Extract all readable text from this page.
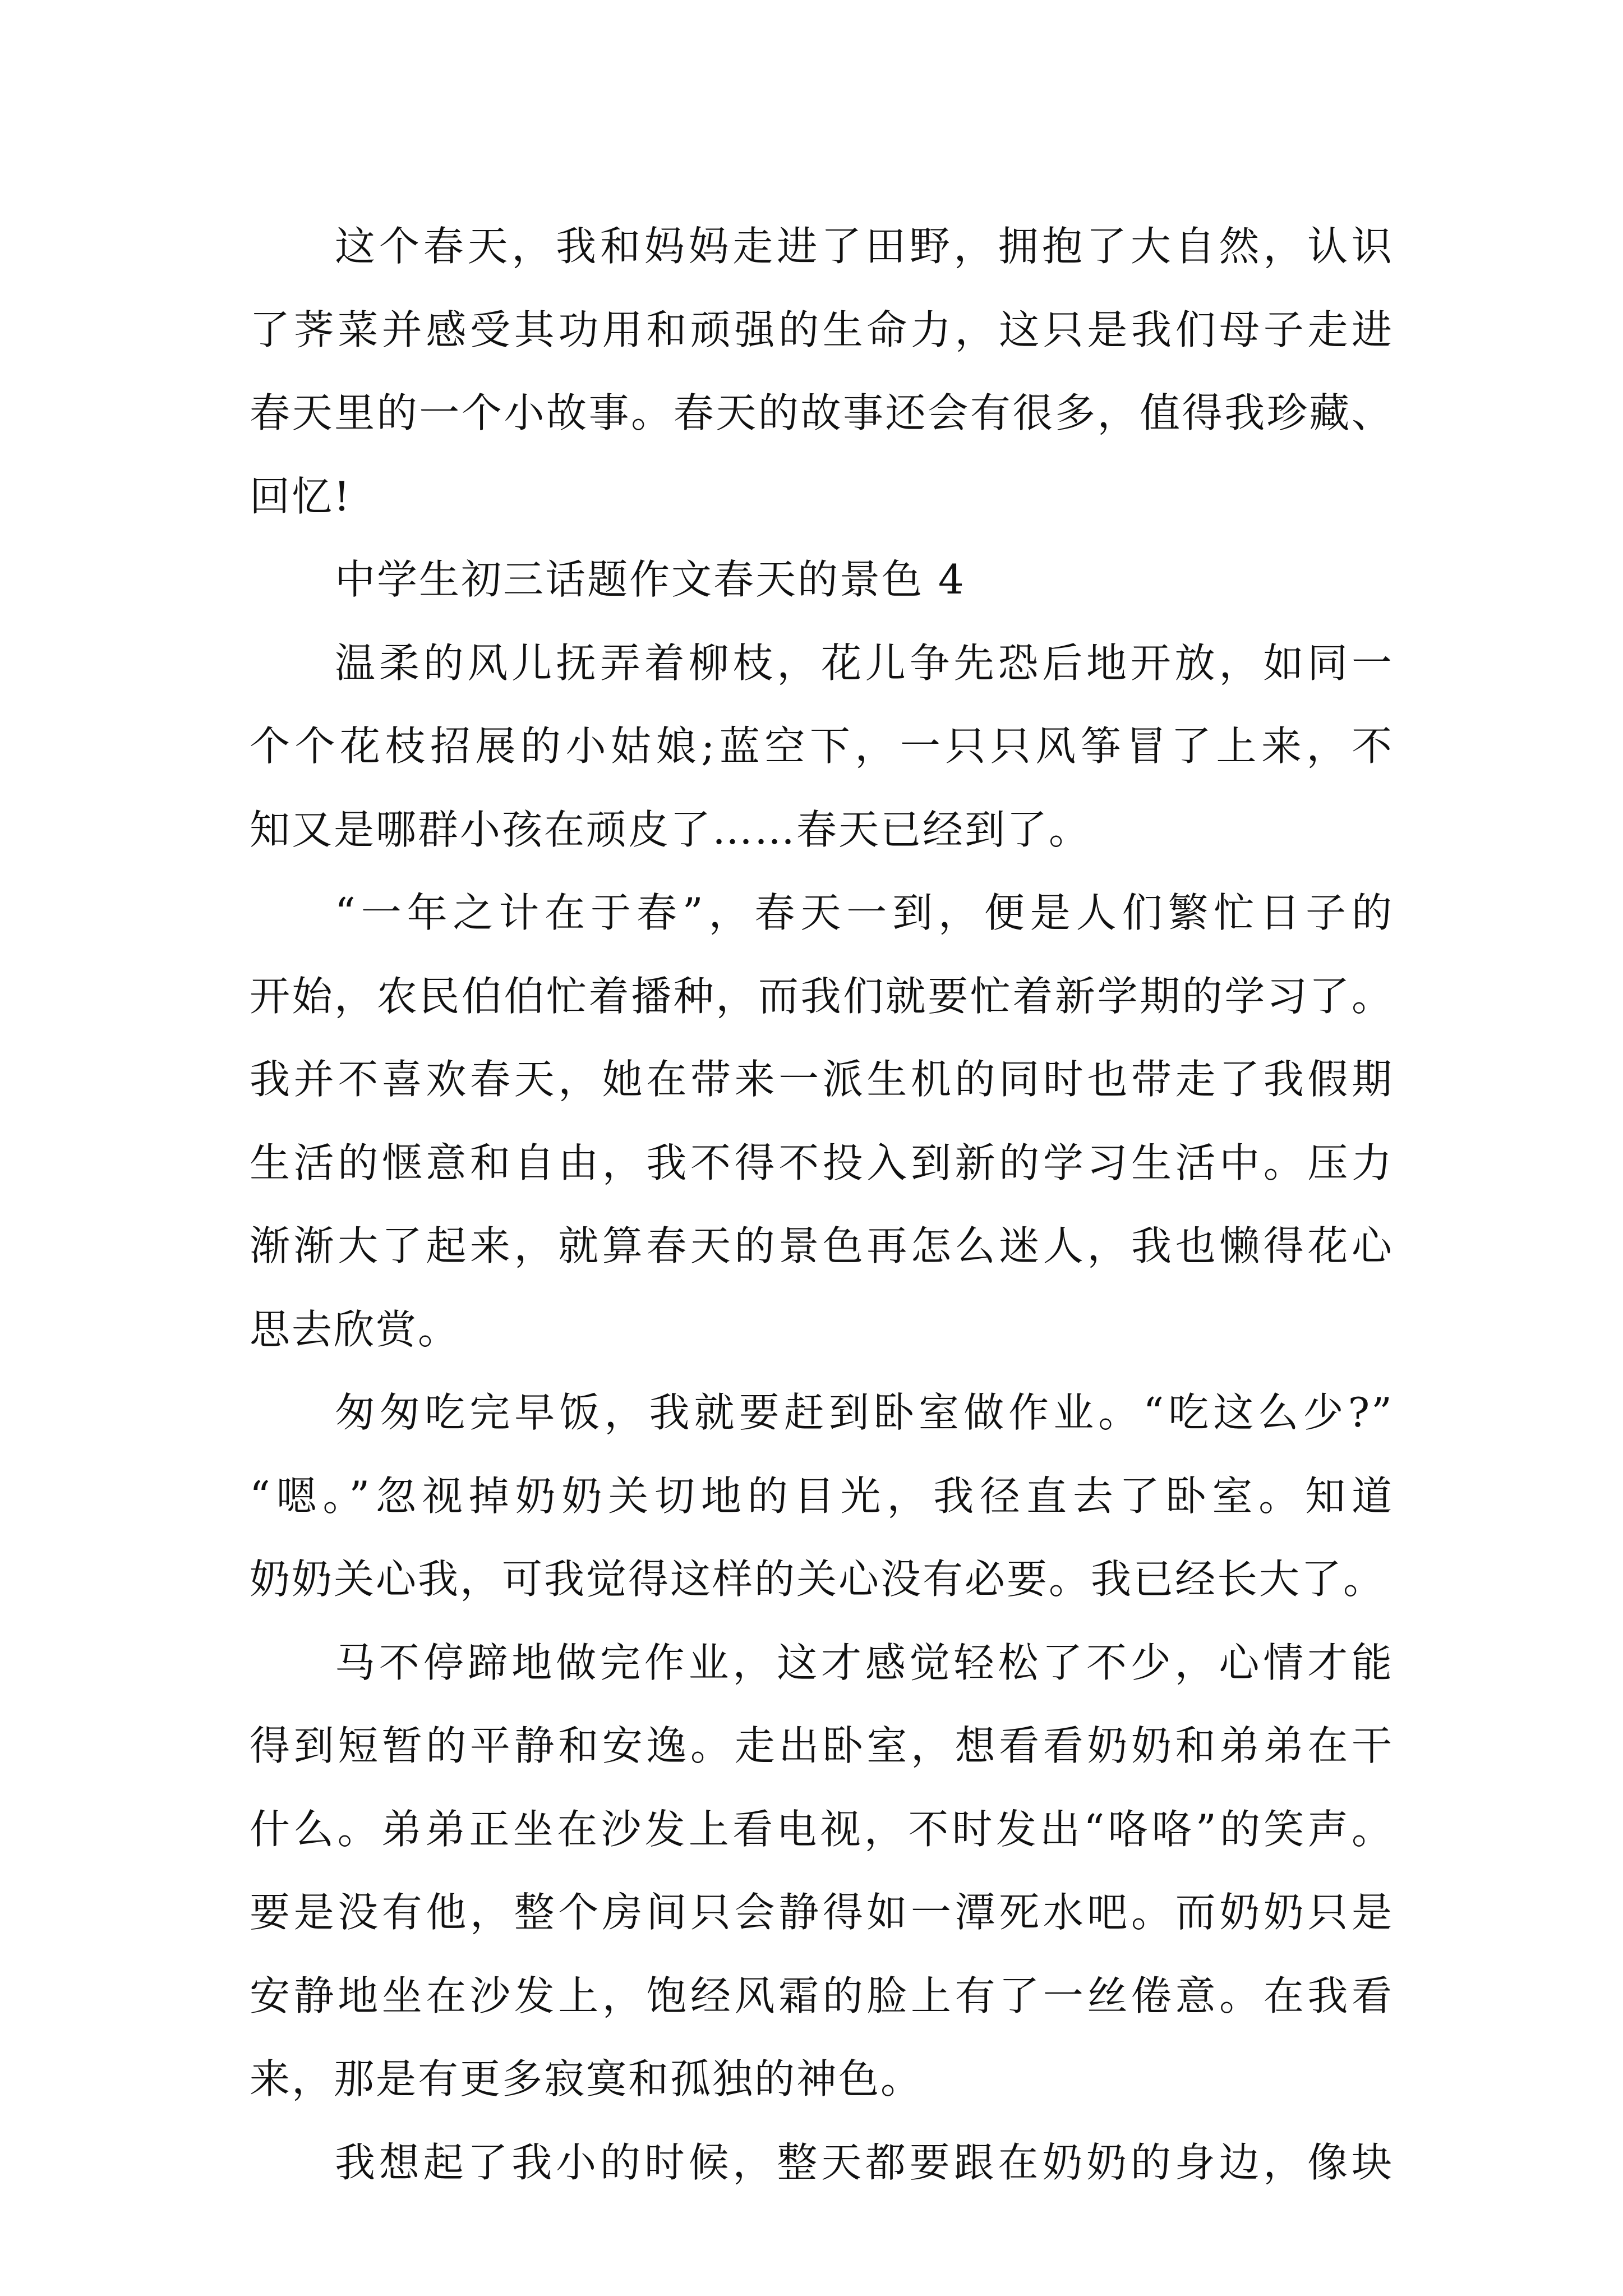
这个春天，我和妈妈走进了田野，拥抱了大自然，认识
了荠菜并感受其功用和顽强的生命力，这只是我们母子走进
春天里的一个小故事。春天的故事还会有很多，值得我珍藏、
回忆!

中学生初三话题作文春天的景色 4

温柔的风儿抚弄着柳枝，花儿争先恐后地开放，如同一
个个花枝招展的小姑娘;蓝空下，一只只风筝冒了上来，不
知又是哪群小孩在顽皮了……春天已经到了。

“一年之计在于春”，春天一到，便是人们繁忙日子的
开始，农民伯伯忙着播种，而我们就要忙着新学期的学习了。
我并不喜欢春天，她在带来一派生机的同时也带走了我假期
生活的惬意和自由，我不得不投入到新的学习生活中。压力
渐渐大了起来，就算春天的景色再怎么迷人，我也懒得花心
思去欣赏。

匆匆吃完早饭，我就要赶到卧室做作业。“吃这么少?”
“嗯。”忽视掉奶奶关切地的目光，我径直去了卧室。知道
奶奶关心我，可我觉得这样的关心没有必要。我已经长大了。

马不停蹄地做完作业，这才感觉轻松了不少，心情才能
得到短暂的平静和安逸。走出卧室，想看看奶奶和弟弟在干
什么。弟弟正坐在沙发上看电视，不时发出“咯咯”的笑声。
要是没有他，整个房间只会静得如一潭死水吧。而奶奶只是
安静地坐在沙发上，饱经风霜的脸上有了一丝倦意。在我看
来，那是有更多寂寞和孤独的神色。

我想起了我小的时候，整天都要跟在奶奶的身边，像块
